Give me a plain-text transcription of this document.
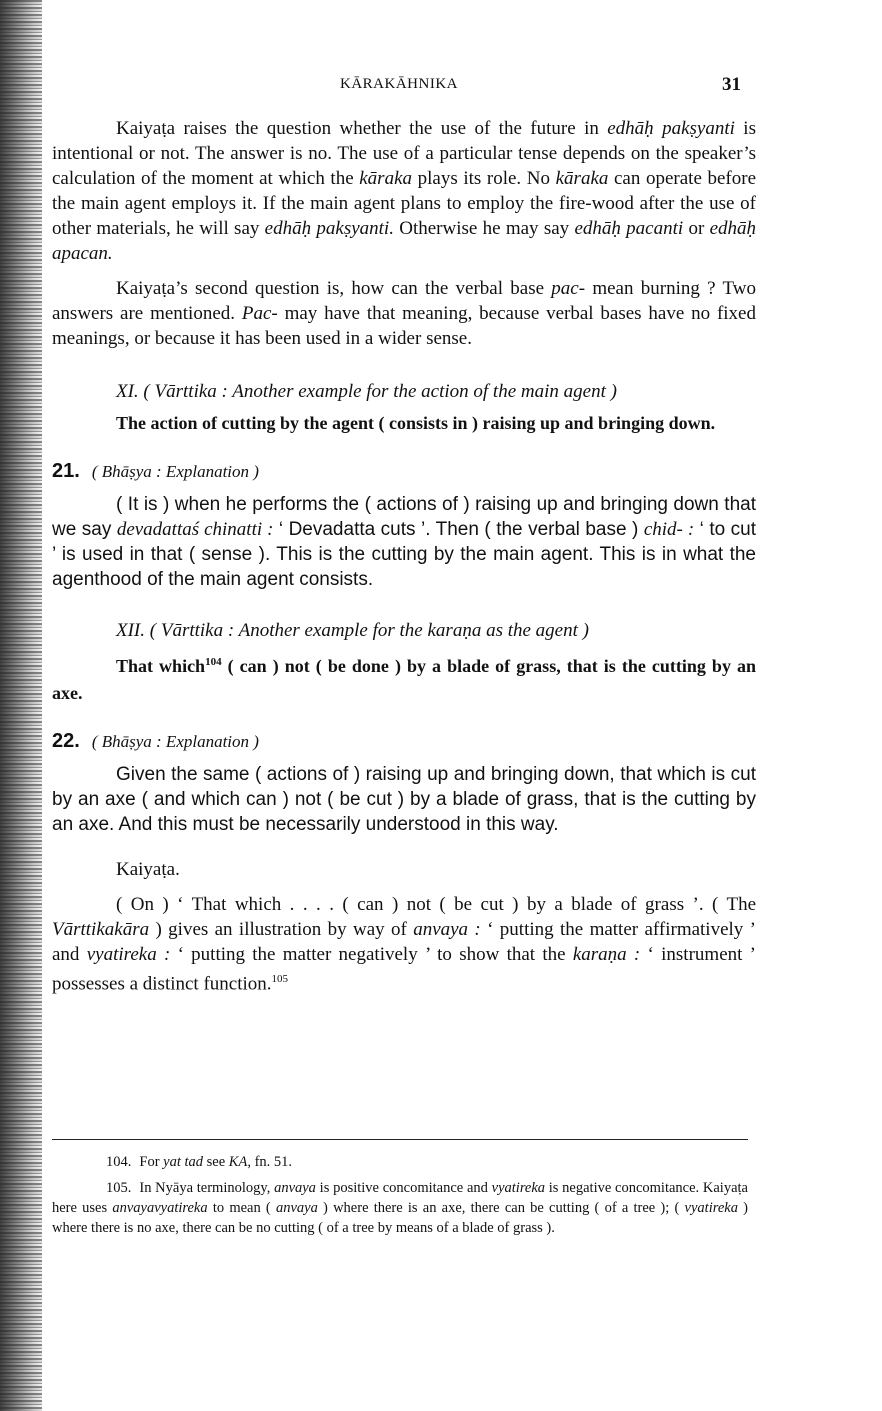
KĀRAKĀHNIKA	31

Kaiyaṭa raises the question whether the use of the future in edhāḥ pakṣyanti is intentional or not. The answer is no. The use of a particular tense depends on the speaker’s calculation of the moment at which the kāraka plays its role. No kāraka can operate before the main agent employs it. If the main agent plans to employ the fire-wood after the use of other materials, he will say edhāḥ pakṣyanti. Otherwise he may say edhāḥ pacanti or edhāḥ apacan.

Kaiyaṭa’s second question is, how can the verbal base pac- mean burning ? Two answers are mentioned. Pac- may have that meaning, because verbal bases have no fixed meanings, or because it has been used in a wider sense.

XI. ( Vārttika : Another example for the action of the main agent )

The action of cutting by the agent ( consists in ) raising up and bringing down.

21. ( Bhāṣya : Explanation )

( It is ) when he performs the ( actions of ) raising up and bringing down that we say devadattaś chinatti : ‘ Devadatta cuts ’. Then ( the verbal base ) chid- : ‘ to cut ’ is used in that ( sense ). This is the cutting by the main agent. This is in what the agenthood of the main agent consists.

XII. ( Vārttika : Another example for the karaṇa as the agent )

That which$^{104}$ ( can ) not ( be done ) by a blade of grass, that is the cutting by an axe.

22. ( Bhāṣya : Explanation )

Given the same ( actions of ) raising up and bringing down, that which is cut by an axe ( and which can ) not ( be cut ) by a blade of grass, that is the cutting by an axe. And this must be necessarily understood in this way.

Kaiyaṭa.

( On ) ‘ That which . . . . ( can ) not ( be cut ) by a blade of grass ’. ( The Vārttikakāra ) gives an illustration by way of anvaya : ‘ putting the matter affirmatively ’ and vyatireka : ‘ putting the matter negatively ’ to show that the karaṇa : ‘ instrument ’ possesses a distinct function.$^{105}$

104. For yat tad see KA, fn. 51.

105. In Nyāya terminology, anvaya is positive concomitance and vyatireka is negative concomitance. Kaiyaṭa here uses anvayavyatireka to mean ( anvaya ) where there is an axe, there can be cutting ( of a tree ); ( vyatireka ) where there is no axe, there can be no cutting ( of a tree by means of a blade of grass ).
